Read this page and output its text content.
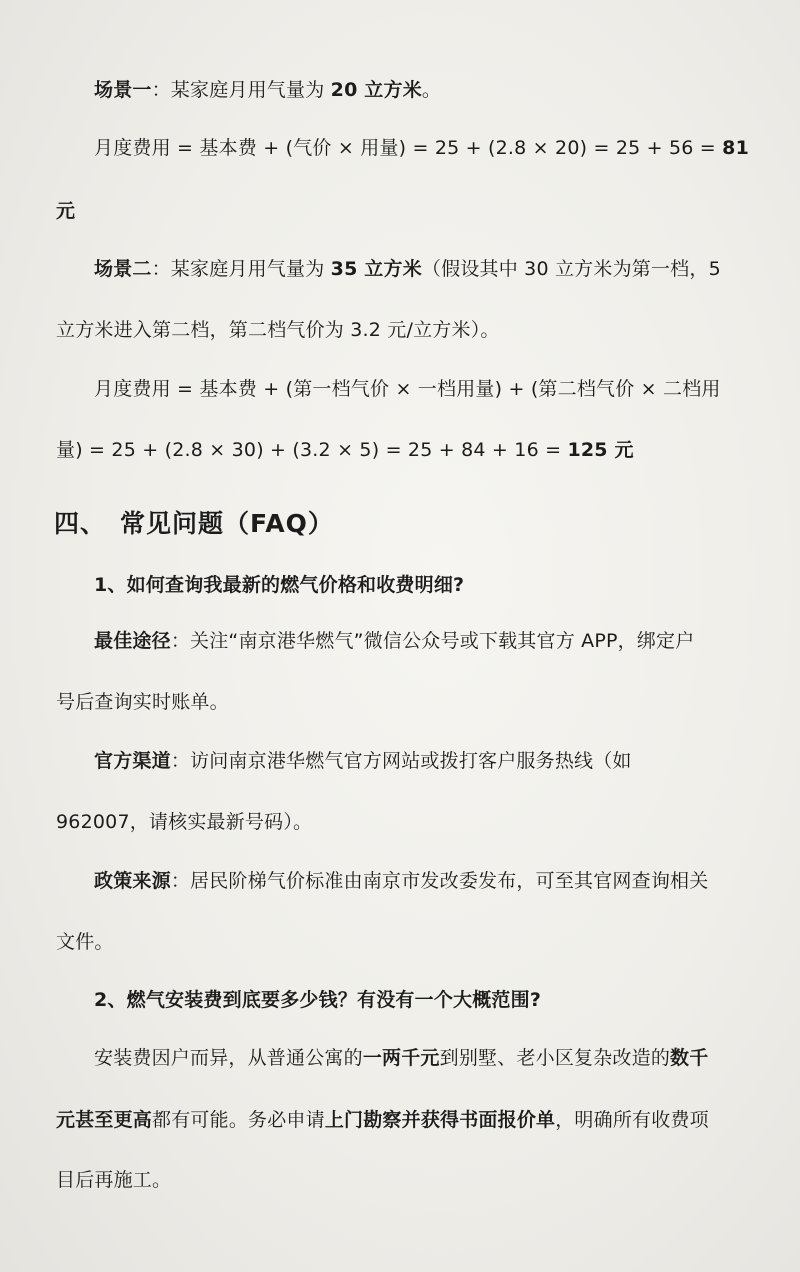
场景一：某家庭月用气量为 20 立方米。
月度费用 = 基本费 + (气价 × 用量) = 25 + (2.8 × 20) = 25 + 56 = 81
元
场景二：某家庭月用气量为 35 立方米（假设其中 30 立方米为第一档，5
立方米进入第二档，第二档气价为 3.2 元/立方米）。
月度费用 = 基本费 + (第一档气价 × 一档用量) + (第二档气价 × 二档用
量) = 25 + (2.8 × 30) + (3.2 × 5) = 25 + 84 + 16 = 125 元
四、 常见问题（FAQ）
1、如何查询我最新的燃气价格和收费明细?
最佳途径：关注“南京港华燃气”微信公众号或下载其官方 APP，绑定户
号后查询实时账单。
官方渠道：访问南京港华燃气官方网站或拨打客户服务热线（如
962007，请核实最新号码）。
政策来源：居民阶梯气价标准由南京市发改委发布，可至其官网查询相关
文件。
2、燃气安装费到底要多少钱？有没有一个大概范围?
安装费因户而异，从普通公寓的一两千元到别墅、老小区复杂改造的数千
元甚至更高都有可能。务必申请上门勘察并获得书面报价单，明确所有收费项
目后再施工。
